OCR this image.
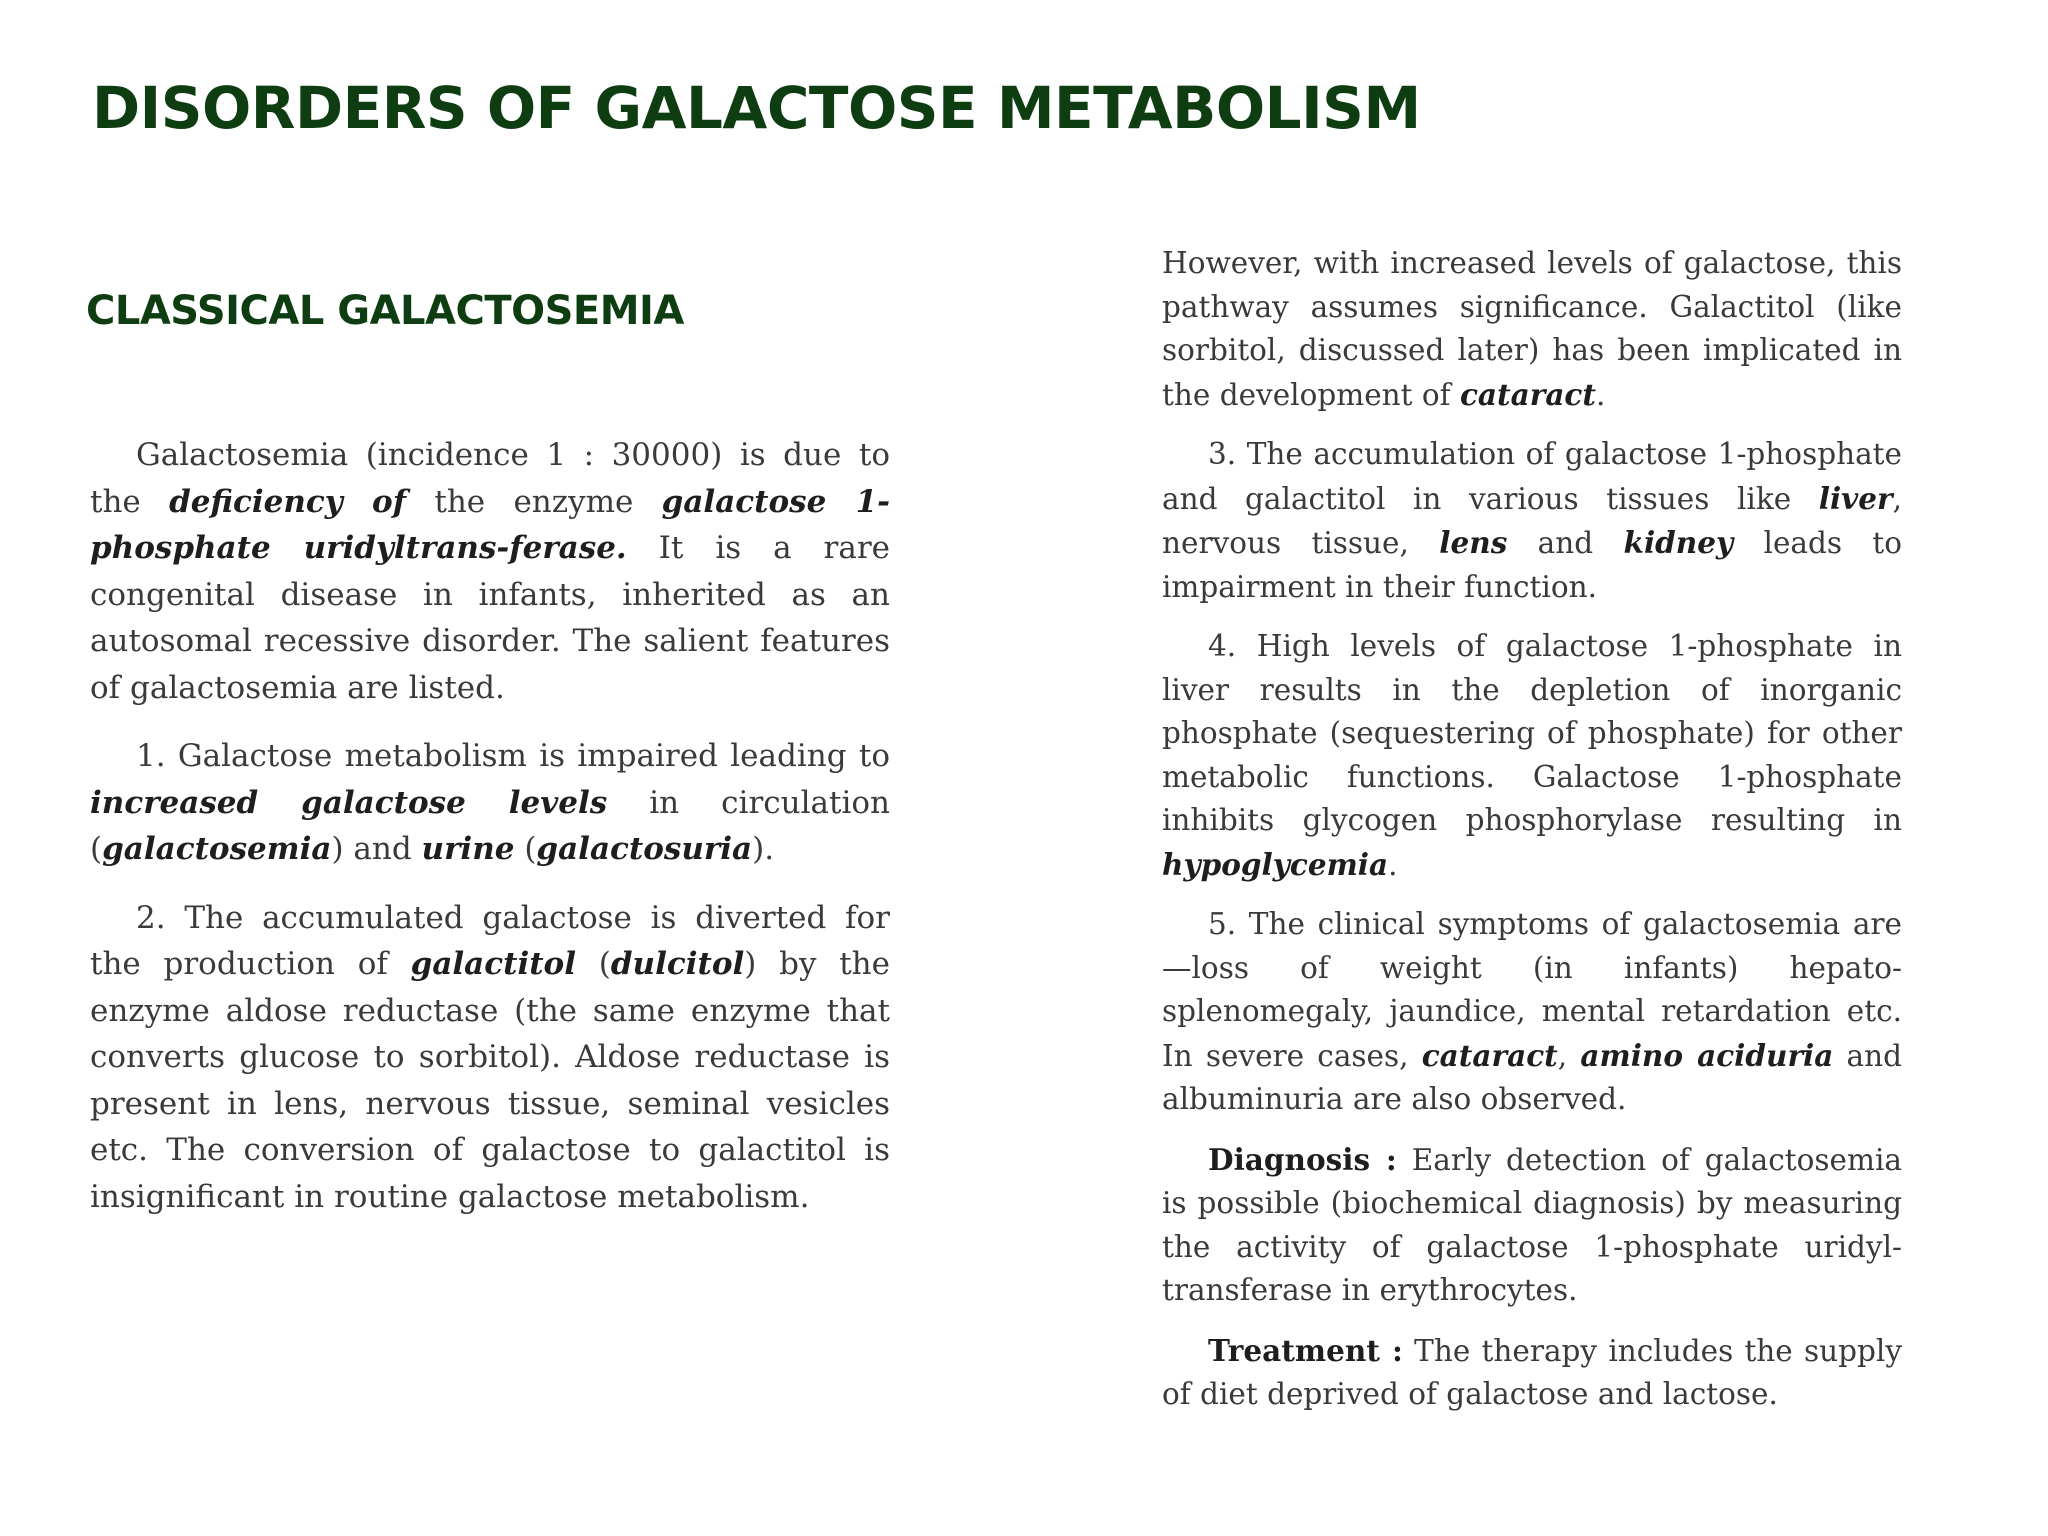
DISORDERS OF GALACTOSE METABOLISM
CLASSICAL GALACTOSEMIA

Galactosemia (incidence 1 : 30000) is due to the deficiency of the enzyme galactose 1-phosphate uridyltrans-ferase. It is a rare congenital disease in infants, inherited as an autosomal recessive disorder. The salient features of galactosemia are listed.

1. Galactose metabolism is impaired leading to increased galactose levels in circulation (galactosemia) and urine (galactosuria).

2. The accumulated galactose is diverted for the production of galactitol (dulcitol) by the enzyme aldose reductase (the same enzyme that converts glucose to sorbitol). Aldose reductase is present in lens, nervous tissue, seminal vesicles etc. The conversion of galactose to galactitol is insignificant in routine galactose metabolism.

However, with increased levels of galactose, this pathway assumes significance. Galactitol (like sorbitol, discussed later) has been implicated in the development of cataract.

3. The accumulation of galactose 1-phosphate and galactitol in various tissues like liver, nervous tissue, lens and kidney leads to impairment in their function.

4. High levels of galactose 1-phosphate in liver results in the depletion of inorganic phosphate (sequestering of phosphate) for other metabolic functions. Galactose 1-phosphate inhibits glycogen phosphorylase resulting in hypoglycemia.

5. The clinical symptoms of galactosemia are—loss of weight (in infants) hepato-splenomegaly, jaundice, mental retardation etc. In severe cases, cataract, amino aciduria and albuminuria are also observed.

Diagnosis : Early detection of galactosemia is possible (biochemical diagnosis) by measuring the activity of galactose 1-phosphate uridyl-transferase in erythrocytes.

Treatment : The therapy includes the supply of diet deprived of galactose and lactose.
